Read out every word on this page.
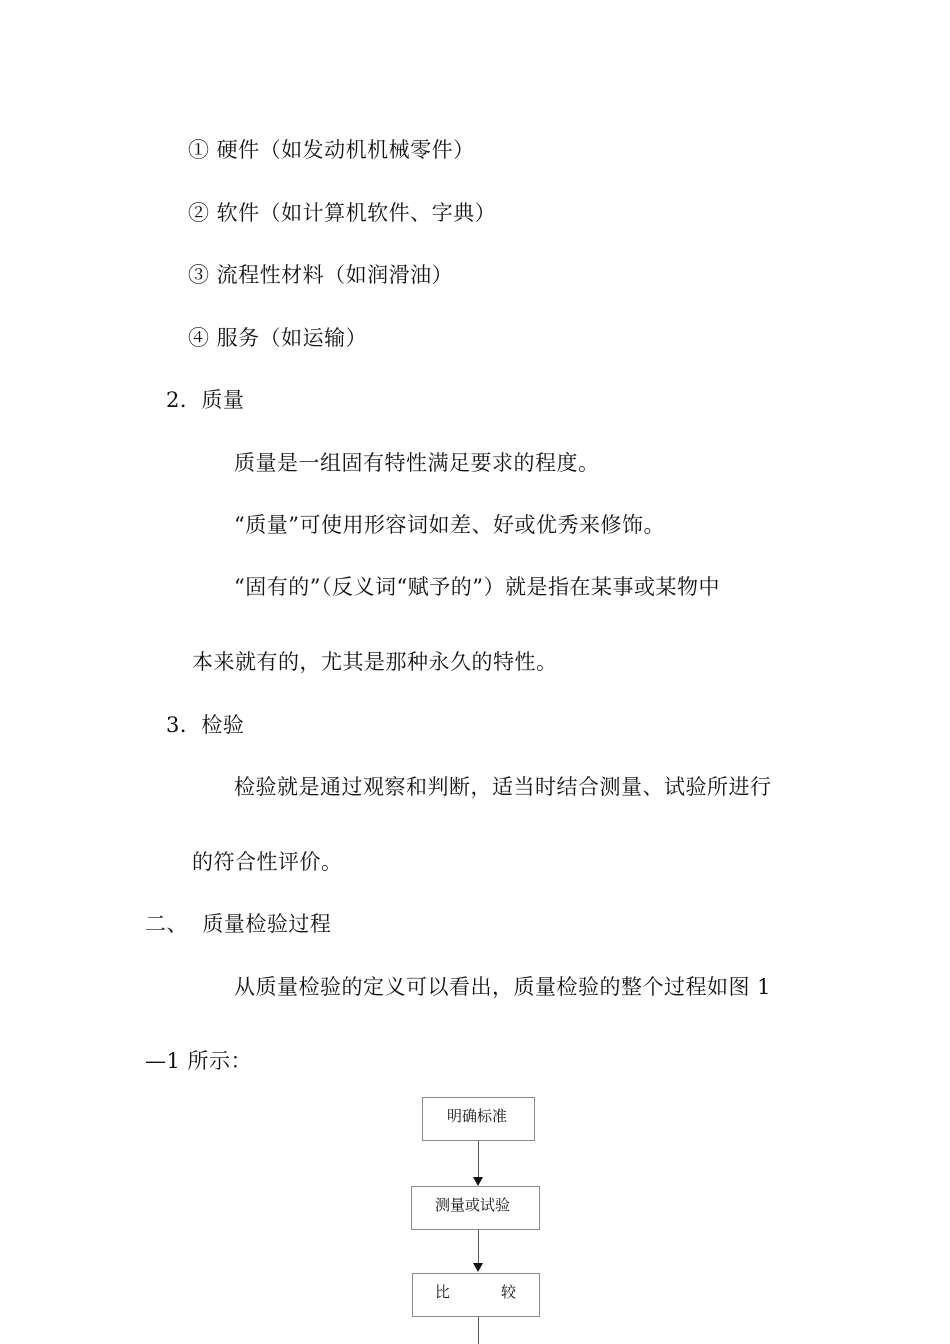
① 硬件（如发动机机械零件）
② 软件（如计算机软件、字典）
③ 流程性材料（如润滑油）
④ 服务（如运输）
2．质量
质量是一组固有特性满足要求的程度。
“质量”可使用形容词如差、好或优秀来修饰。
“固有的”（反义词“赋予的”）就是指在某事或某物中
本来就有的，尤其是那种永久的特性。
3．检验
检验就是通过观察和判断，适当时结合测量、试验所进行
的符合性评价。
二、  质量检验过程
从质量检验的定义可以看出，质量检验的整个过程如图 1
—1 所示：
明确标准
测量或试验
比	较
